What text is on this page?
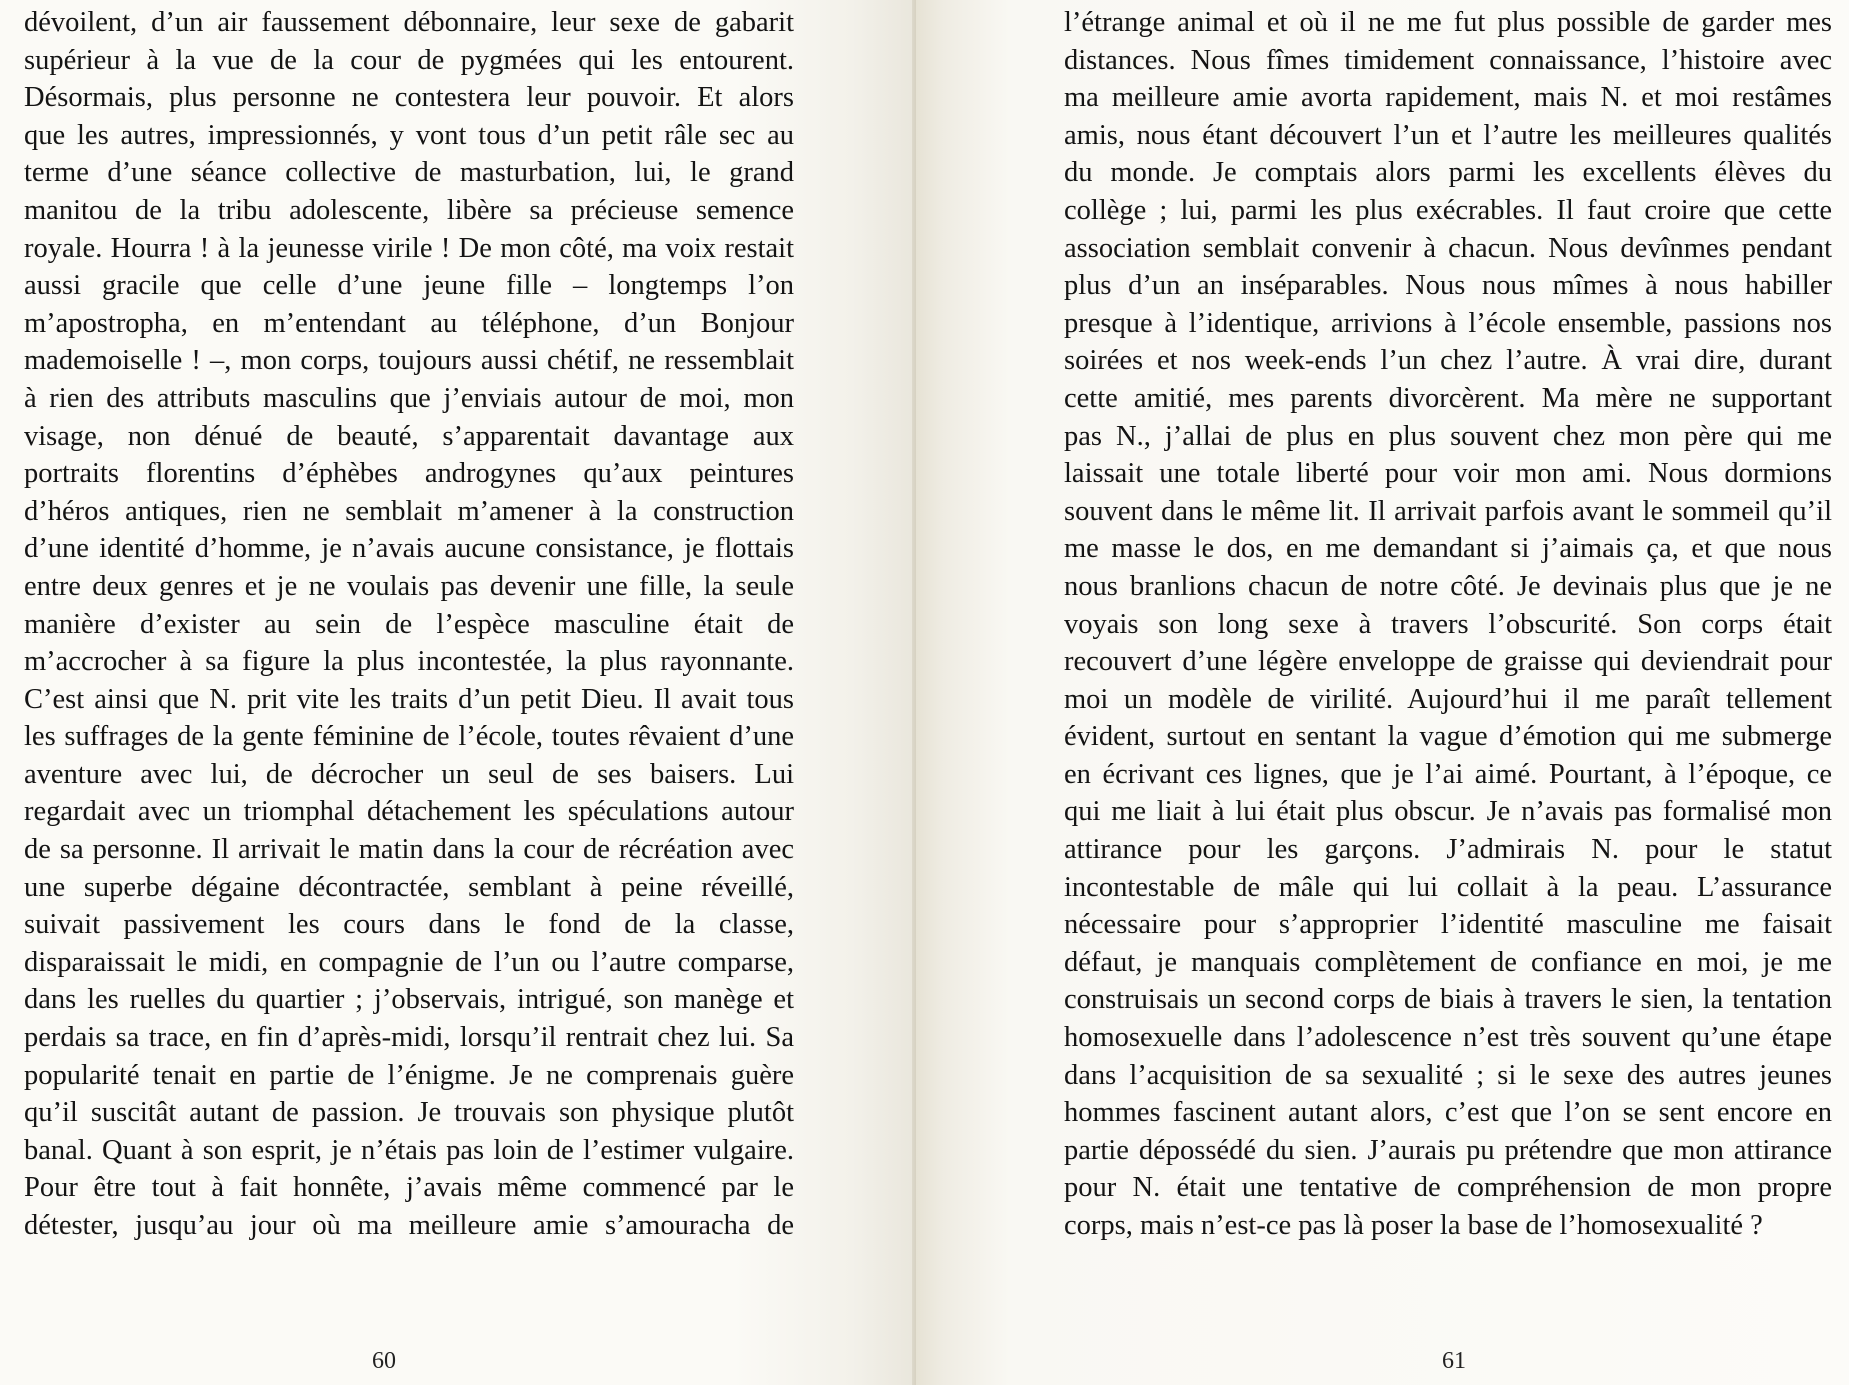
dévoilent, d’un air faussement débonnaire, leur sexe de gabarit
supérieur à la vue de la cour de pygmées qui les entourent.
Désormais, plus personne ne contestera leur pouvoir. Et alors
que les autres, impressionnés, y vont tous d’un petit râle sec au
terme d’une séance collective de masturbation, lui, le grand
manitou de la tribu adolescente, libère sa précieuse semence
royale. Hourra ! à la jeunesse virile ! De mon côté, ma voix restait
aussi gracile que celle d’une jeune fille – longtemps l’on
m’apostropha, en m’entendant au téléphone, d’un Bonjour
mademoiselle ! –, mon corps, toujours aussi chétif, ne ressemblait
à rien des attributs masculins que j’enviais autour de moi, mon
visage, non dénué de beauté, s’apparentait davantage aux
portraits florentins d’éphèbes androgynes qu’aux peintures
d’héros antiques, rien ne semblait m’amener à la construction
d’une identité d’homme, je n’avais aucune consistance, je flottais
entre deux genres et je ne voulais pas devenir une fille, la seule
manière d’exister au sein de l’espèce masculine était de
m’accrocher à sa figure la plus incontestée, la plus rayonnante.
C’est ainsi que N. prit vite les traits d’un petit Dieu. Il avait tous
les suffrages de la gente féminine de l’école, toutes rêvaient d’une
aventure avec lui, de décrocher un seul de ses baisers. Lui
regardait avec un triomphal détachement les spéculations autour
de sa personne. Il arrivait le matin dans la cour de récréation avec
une superbe dégaine décontractée, semblant à peine réveillé,
suivait passivement les cours dans le fond de la classe,
disparaissait le midi, en compagnie de l’un ou l’autre comparse,
dans les ruelles du quartier ; j’observais, intrigué, son manège et
perdais sa trace, en fin d’après-midi, lorsqu’il rentrait chez lui. Sa
popularité tenait en partie de l’énigme. Je ne comprenais guère
qu’il suscitât autant de passion. Je trouvais son physique plutôt
banal. Quant à son esprit, je n’étais pas loin de l’estimer vulgaire.
Pour être tout à fait honnête, j’avais même commencé par le
détester, jusqu’au jour où ma meilleure amie s’amouracha de
60
l’étrange animal et où il ne me fut plus possible de garder mes
distances. Nous fîmes timidement connaissance, l’histoire avec
ma meilleure amie avorta rapidement, mais N. et moi restâmes
amis, nous étant découvert l’un et l’autre les meilleures qualités
du monde. Je comptais alors parmi les excellents élèves du
collège ; lui, parmi les plus exécrables. Il faut croire que cette
association semblait convenir à chacun. Nous devînmes pendant
plus d’un an inséparables. Nous nous mîmes à nous habiller
presque à l’identique, arrivions à l’école ensemble, passions nos
soirées et nos week-ends l’un chez l’autre. À vrai dire, durant
cette amitié, mes parents divorcèrent. Ma mère ne supportant
pas N., j’allai de plus en plus souvent chez mon père qui me
laissait une totale liberté pour voir mon ami. Nous dormions
souvent dans le même lit. Il arrivait parfois avant le sommeil qu’il
me masse le dos, en me demandant si j’aimais ça, et que nous
nous branlions chacun de notre côté. Je devinais plus que je ne
voyais son long sexe à travers l’obscurité. Son corps était
recouvert d’une légère enveloppe de graisse qui deviendrait pour
moi un modèle de virilité. Aujourd’hui il me paraît tellement
évident, surtout en sentant la vague d’émotion qui me submerge
en écrivant ces lignes, que je l’ai aimé. Pourtant, à l’époque, ce
qui me liait à lui était plus obscur. Je n’avais pas formalisé mon
attirance pour les garçons. J’admirais N. pour le statut
incontestable de mâle qui lui collait à la peau. L’assurance
nécessaire pour s’approprier l’identité masculine me faisait
défaut, je manquais complètement de confiance en moi, je me
construisais un second corps de biais à travers le sien, la tentation
homosexuelle dans l’adolescence n’est très souvent qu’une étape
dans l’acquisition de sa sexualité ; si le sexe des autres jeunes
hommes fascinent autant alors, c’est que l’on se sent encore en
partie dépossédé du sien. J’aurais pu prétendre que mon attirance
pour N. était une tentative de compréhension de mon propre
corps, mais n’est-ce pas là poser la base de l’homosexualité ?
61
